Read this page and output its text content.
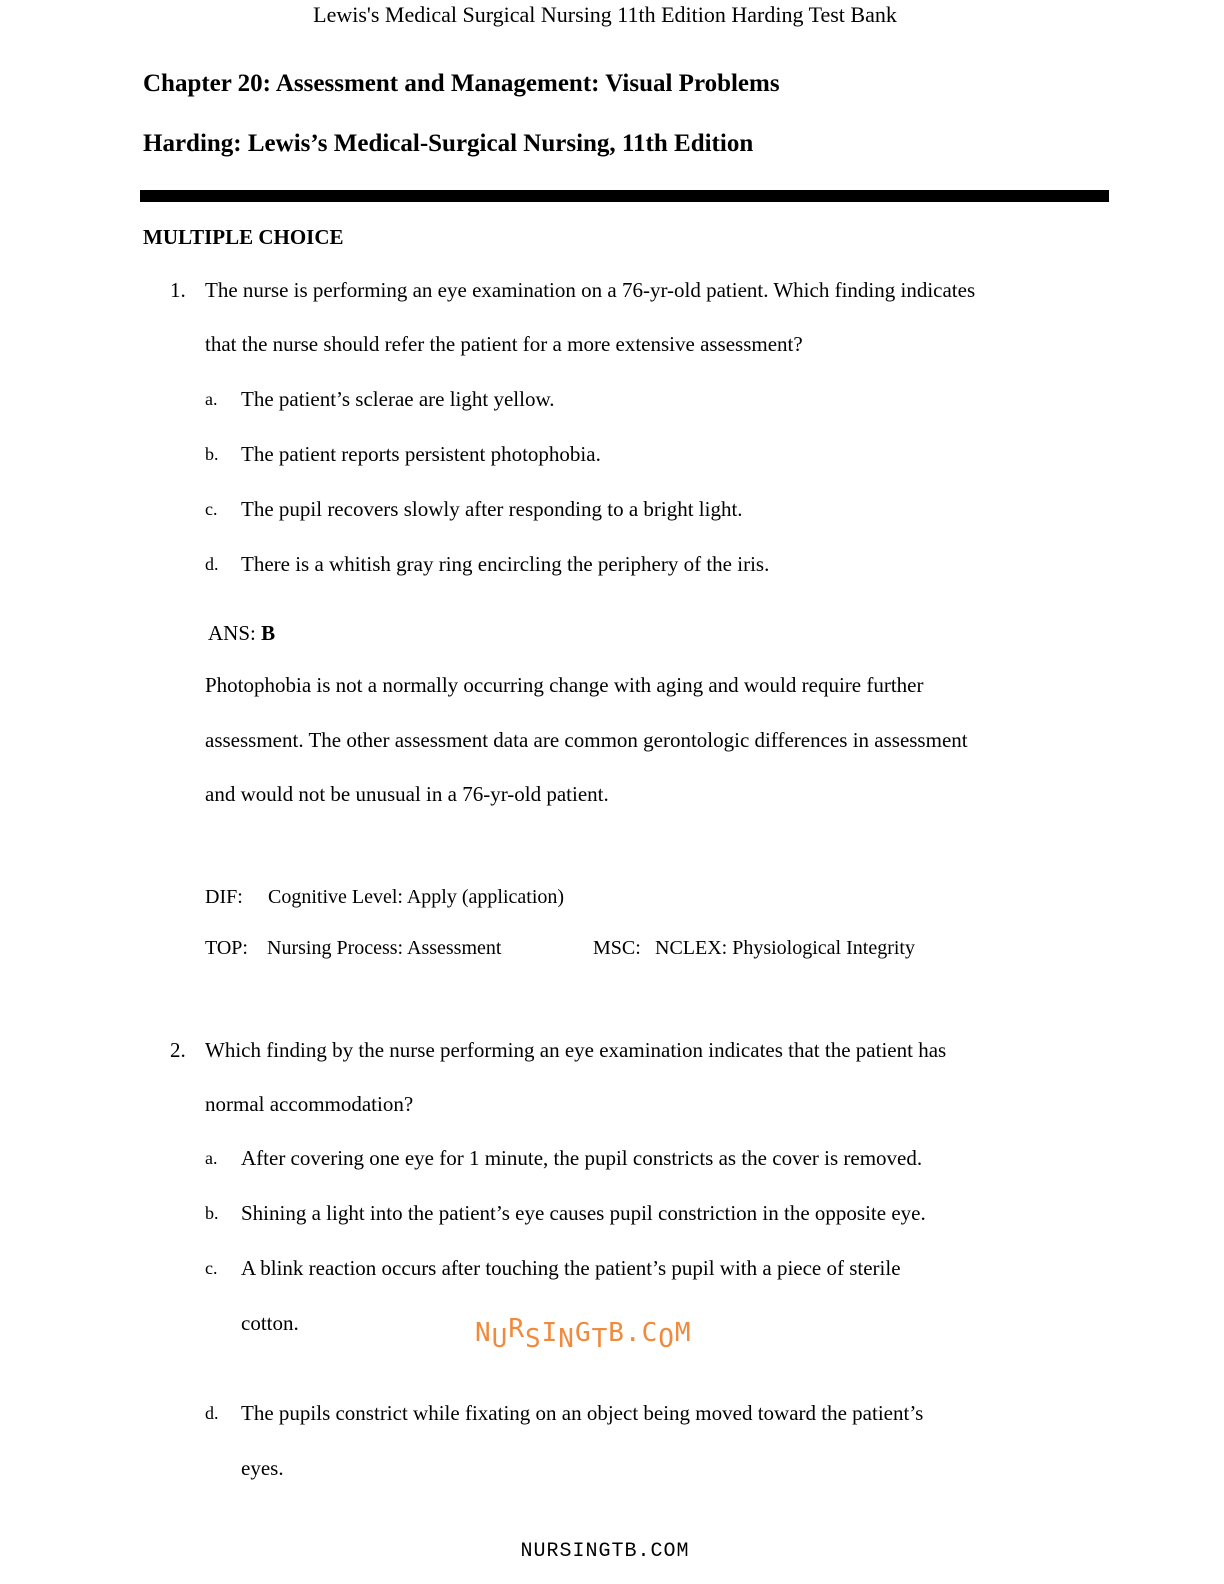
Lewis's Medical Surgical Nursing 11th Edition Harding Test Bank
Chapter 20: Assessment and Management: Visual Problems
Harding: Lewis’s Medical-Surgical Nursing, 11th Edition
MULTIPLE CHOICE
1. The nurse is performing an eye examination on a 76-yr-old patient. Which finding indicates
that the nurse should refer the patient for a more extensive assessment?
a. The patient’s sclerae are light yellow.
b. The patient reports persistent photophobia.
c. The pupil recovers slowly after responding to a bright light.
d. There is a whitish gray ring encircling the periphery of the iris.
ANS: B
Photophobia is not a normally occurring change with aging and would require further
assessment. The other assessment data are common gerontologic differences in assessment
and would not be unusual in a 76-yr-old patient.
DIF: Cognitive Level: Apply (application)
TOP: Nursing Process: Assessment	MSC: NCLEX: Physiological Integrity
2. Which finding by the nurse performing an eye examination indicates that the patient has
normal accommodation?
a. After covering one eye for 1 minute, the pupil constricts as the cover is removed.
b. Shining a light into the patient’s eye causes pupil constriction in the opposite eye.
c. A blink reaction occurs after touching the patient’s pupil with a piece of sterile
cotton.
d. The pupils constrict while fixating on an object being moved toward the patient’s
eyes.
NURSINGTB.COM
NURSINGTB.COM
